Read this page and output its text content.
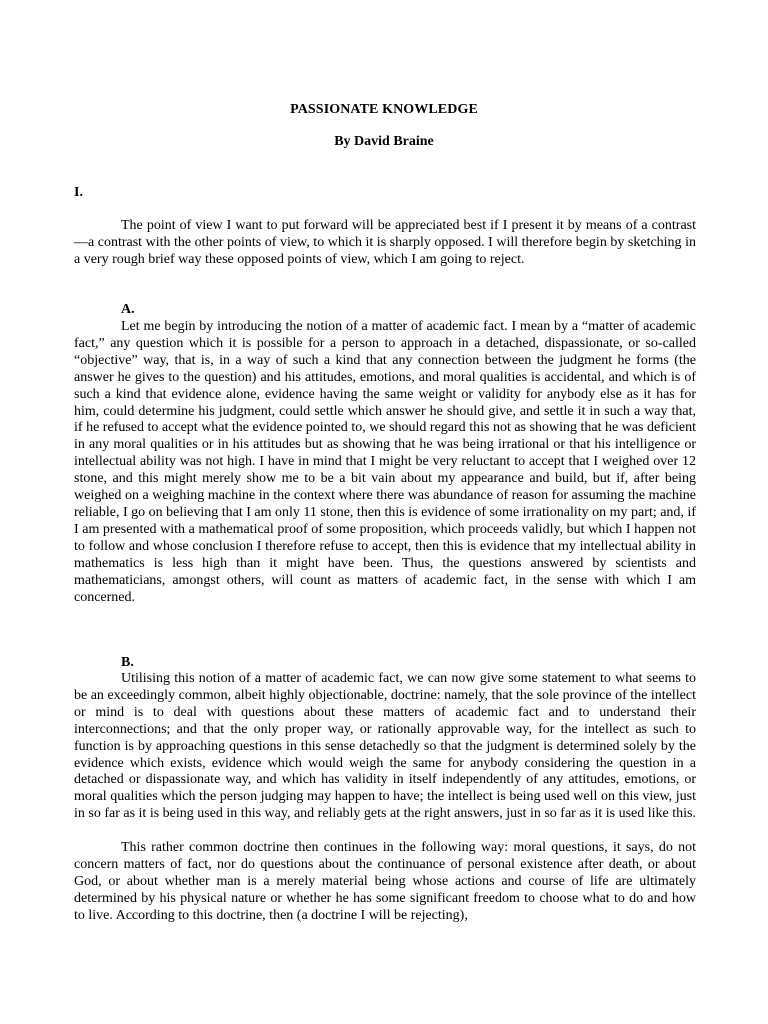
PASSIONATE KNOWLEDGE
By David Braine
I.
The point of view I want to put forward will be appreciated best if I present it by means of a contrast—a contrast with the other points of view, to which it is sharply opposed. I will therefore begin by sketching in a very rough brief way these opposed points of view, which I am going to reject.
A.
Let me begin by introducing the notion of a matter of academic fact. I mean by a “matter of academic fact,” any question which it is possible for a person to approach in a detached, dispassionate, or so-called “objective” way, that is, in a way of such a kind that any connection between the judgment he forms (the answer he gives to the question) and his attitudes, emotions, and moral qualities is accidental, and which is of such a kind that evidence alone, evidence having the same weight or validity for anybody else as it has for him, could determine his judgment, could settle which answer he should give, and settle it in such a way that, if he refused to accept what the evidence pointed to, we should regard this not as showing that he was deficient in any moral qualities or in his attitudes but as showing that he was being irrational or that his intelligence or intellectual ability was not high. I have in mind that I might be very reluctant to accept that I weighed over 12 stone, and this might merely show me to be a bit vain about my appearance and build, but if, after being weighed on a weighing machine in the context where there was abundance of reason for assuming the machine reliable, I go on believing that I am only 11 stone, then this is evidence of some irrationality on my part; and, if I am presented with a mathematical proof of some proposition, which proceeds validly, but which I happen not to follow and whose conclusion I therefore refuse to accept, then this is evidence that my intellectual ability in mathematics is less high than it might have been. Thus, the questions answered by scientists and mathematicians, amongst others, will count as matters of academic fact, in the sense with which I am concerned.
B.
Utilising this notion of a matter of academic fact, we can now give some statement to what seems to be an exceedingly common, albeit highly objectionable, doctrine: namely, that the sole province of the intellect or mind is to deal with questions about these matters of academic fact and to understand their interconnections; and that the only proper way, or rationally approvable way, for the intellect as such to function is by approaching questions in this sense detachedly so that the judgment is determined solely by the evidence which exists, evidence which would weigh the same for anybody considering the question in a detached or dispassionate way, and which has validity in itself independently of any attitudes, emotions, or moral qualities which the person judging may happen to have; the intellect is being used well on this view, just in so far as it is being used in this way, and reliably gets at the right answers, just in so far as it is used like this.
This rather common doctrine then continues in the following way: moral questions, it says, do not concern matters of fact, nor do questions about the continuance of personal existence after death, or about God, or about whether man is a merely material being whose actions and course of life are ultimately determined by his physical nature or whether he has some significant freedom to choose what to do and how to live. According to this doctrine, then (a doctrine I will be rejecting),
